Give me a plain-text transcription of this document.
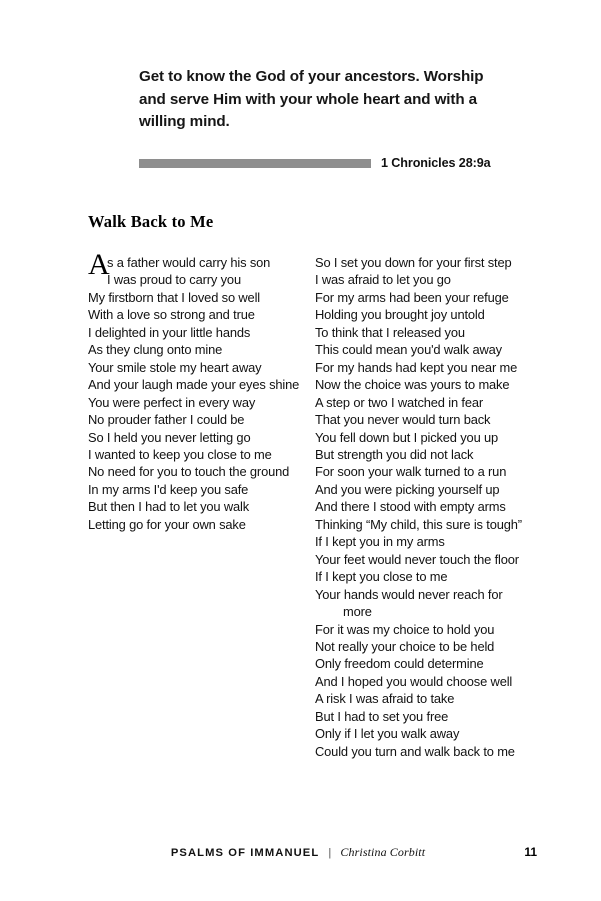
Get to know the God of your ancestors. Worship and serve Him with your whole heart and with a willing mind.
1 Chronicles 28:9a
Walk Back to Me
A
s a father would carry his son
I was proud to carry you
My firstborn that I loved so well
With a love so strong and true
I delighted in your little hands
As they clung onto mine
Your smile stole my heart away
And your laugh made your eyes shine
You were perfect in every way
No prouder father I could be
So I held you never letting go
I wanted to keep you close to me
No need for you to touch the ground
In my arms I'd keep you safe
But then I had to let you walk
Letting go for your own sake
So I set you down for your first step
I was afraid to let you go
For my arms had been your refuge
Holding you brought joy untold
To think that I released you
This could mean you'd walk away
For my hands had kept you near me
Now the choice was yours to make
A step or two I watched in fear
That you never would turn back
You fell down but I picked you up
But strength you did not lack
For soon your walk turned to a run
And you were picking yourself up
And there I stood with empty arms
Thinking “My child, this sure is tough”
If I kept you in my arms
Your feet would never touch the floor
If I kept you close to me
Your hands would never reach for
more
For it was my choice to hold you
Not really your choice to be held
Only freedom could determine
And I hoped you would choose well
A risk I was afraid to take
But I had to set you free
Only if I let you walk away
Could you turn and walk back to me
PSALMS OF IMMANUEL | Christina Corbitt	11
